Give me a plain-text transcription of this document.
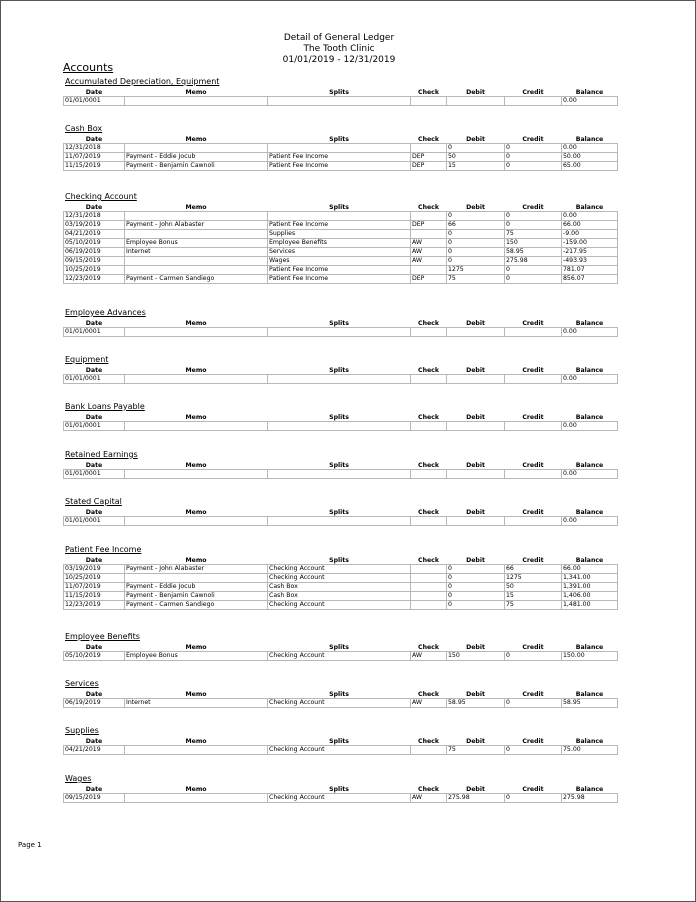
Detail of General Ledger
The Tooth Clinic
01/01/2019 - 12/31/2019
Accounts
Accumulated Depreciation, Equipment
Date	Memo	Splits	Check	Debit	Credit	Balance
01/01/0001						0.00
Cash Box
Date	Memo	Splits	Check	Debit	Credit	Balance
12/31/2018				0	0	0.00
11/07/2019	Payment - Eddie Jocub	Patient Fee Income	DEP	50	0	50.00
11/15/2019	Payment - Benjamin Cawnoli	Patient Fee Income	DEP	15	0	65.00
Checking Account
Date	Memo	Splits	Check	Debit	Credit	Balance
12/31/2018				0	0	0.00
03/19/2019	Payment - John Alabaster	Patient Fee Income	DEP	66	0	66.00
04/21/2019		Supplies		0	75	-9.00
05/10/2019	Employee Bonus	Employee Benefits	AW	0	150	-159.00
06/19/2019	Internet	Services	AW	0	58.95	-217.95
09/15/2019		Wages	AW	0	275.98	-493.93
10/25/2019		Patient Fee Income		1275	0	781.07
12/23/2019	Payment - Carmen Sandiego	Patient Fee Income	DEP	75	0	856.07
Employee Advances
Date	Memo	Splits	Check	Debit	Credit	Balance
01/01/0001						0.00
Equipment
Date	Memo	Splits	Check	Debit	Credit	Balance
01/01/0001						0.00
Bank Loans Payable
Date	Memo	Splits	Check	Debit	Credit	Balance
01/01/0001						0.00
Retained Earnings
Date	Memo	Splits	Check	Debit	Credit	Balance
01/01/0001						0.00
Stated Capital
Date	Memo	Splits	Check	Debit	Credit	Balance
01/01/0001						0.00
Patient Fee Income
Date	Memo	Splits	Check	Debit	Credit	Balance
03/19/2019	Payment - John Alabaster	Checking Account		0	66	66.00
10/25/2019		Checking Account		0	1275	1,341.00
11/07/2019	Payment - Eddie Jocub	Cash Box		0	50	1,391.00
11/15/2019	Payment - Benjamin Cawnoli	Cash Box		0	15	1,406.00
12/23/2019	Payment - Carmen Sandiego	Checking Account		0	75	1,481.00
Employee Benefits
Date	Memo	Splits	Check	Debit	Credit	Balance
05/10/2019	Employee Bonus	Checking Account	AW	150	0	150.00
Services
Date	Memo	Splits	Check	Debit	Credit	Balance
06/19/2019	Internet	Checking Account	AW	58.95	0	58.95
Supplies
Date	Memo	Splits	Check	Debit	Credit	Balance
04/21/2019		Checking Account		75	0	75.00
Wages
Date	Memo	Splits	Check	Debit	Credit	Balance
09/15/2019		Checking Account	AW	275.98	0	275.98
Page 1
